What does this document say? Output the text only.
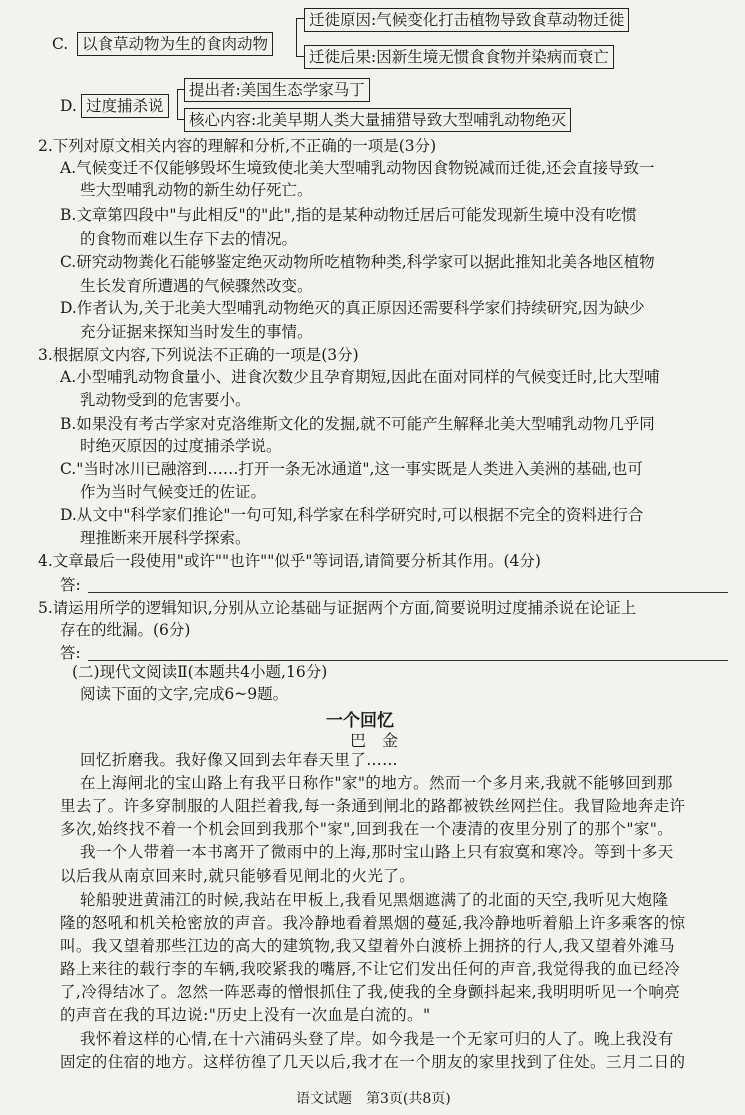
C. 以食草动物为生的食肉动物
迁徙原因:气候变化打击植物导致食草动物迁徙
迁徙后果:因新生境无惯食食物并染病而衰亡
D. 过度捕杀说
提出者:美国生态学家马丁
核心内容:北美早期人类大量捕猎导致大型哺乳动物绝灭
2.下列对原文相关内容的理解和分析,不正确的一项是(3分)
A.气候变迁不仅能够毁坏生境致使北美大型哺乳动物因食物锐减而迁徙,还会直接导致一
些大型哺乳动物的新生幼仔死亡。
B.文章第四段中"与此相反"的"此",指的是某种动物迁居后可能发现新生境中没有吃惯
的食物而难以生存下去的情况。
C.研究动物粪化石能够鉴定绝灭动物所吃植物种类,科学家可以据此推知北美各地区植物
生长发育所遭遇的气候骤然改变。
D.作者认为,关于北美大型哺乳动物绝灭的真正原因还需要科学家们持续研究,因为缺少
充分证据来探知当时发生的事情。
3.根据原文内容,下列说法不正确的一项是(3分)
A.小型哺乳动物食量小、进食次数少且孕育期短,因此在面对同样的气候变迁时,比大型哺
乳动物受到的危害要小。
B.如果没有考古学家对克洛维斯文化的发掘,就不可能产生解释北美大型哺乳动物几乎同
时绝灭原因的过度捕杀学说。
C."当时冰川已融溶到……打开一条无冰通道",这一事实既是人类进入美洲的基础,也可
作为当时气候变迁的佐证。
D.从文中"科学家们推论"一句可知,科学家在科学研究时,可以根据不完全的资料进行合
理推断来开展科学探索。
4.文章最后一段使用"或许""也许""似乎"等词语,请简要分析其作用。(4分)
答:
5.请运用所学的逻辑知识,分别从立论基础与证据两个方面,简要说明过度捕杀说在论证上
存在的纰漏。(6分)
答:
(二)现代文阅读Ⅱ(本题共4小题,16分)
阅读下面的文字,完成6~9题。
一个回忆
巴　金
回忆折磨我。我好像又回到去年春天里了……
在上海闸北的宝山路上有我平日称作"家"的地方。然而一个多月来,我就不能够回到那
里去了。许多穿制服的人阻拦着我,每一条通到闸北的路都被铁丝网拦住。我冒险地奔走许
多次,始终找不着一个机会回到我那个"家",回到我在一个凄清的夜里分别了的那个"家"。
我一个人带着一本书离开了微雨中的上海,那时宝山路上只有寂寞和寒冷。等到十多天
以后我从南京回来时,就只能够看见闸北的火光了。
轮船驶进黄浦江的时候,我站在甲板上,我看见黑烟遮满了的北面的天空,我听见大炮隆
隆的怒吼和机关枪密放的声音。我冷静地看着黑烟的蔓延,我冷静地听着船上许多乘客的惊
叫。我又望着那些江边的高大的建筑物,我又望着外白渡桥上拥挤的行人,我又望着外滩马
路上来往的载行李的车辆,我咬紧我的嘴唇,不让它们发出任何的声音,我觉得我的血已经冷
了,冷得结冰了。忽然一阵恶毒的憎恨抓住了我,使我的全身颤抖起来,我明明听见一个响亮
的声音在我的耳边说:"历史上没有一次血是白流的。"
我怀着这样的心情,在十六浦码头登了岸。如今我是一个无家可归的人了。晚上我没有
固定的住宿的地方。这样彷徨了几天以后,我才在一个朋友的家里找到了住处。三月二日的
语文试题　第3页(共8页)
